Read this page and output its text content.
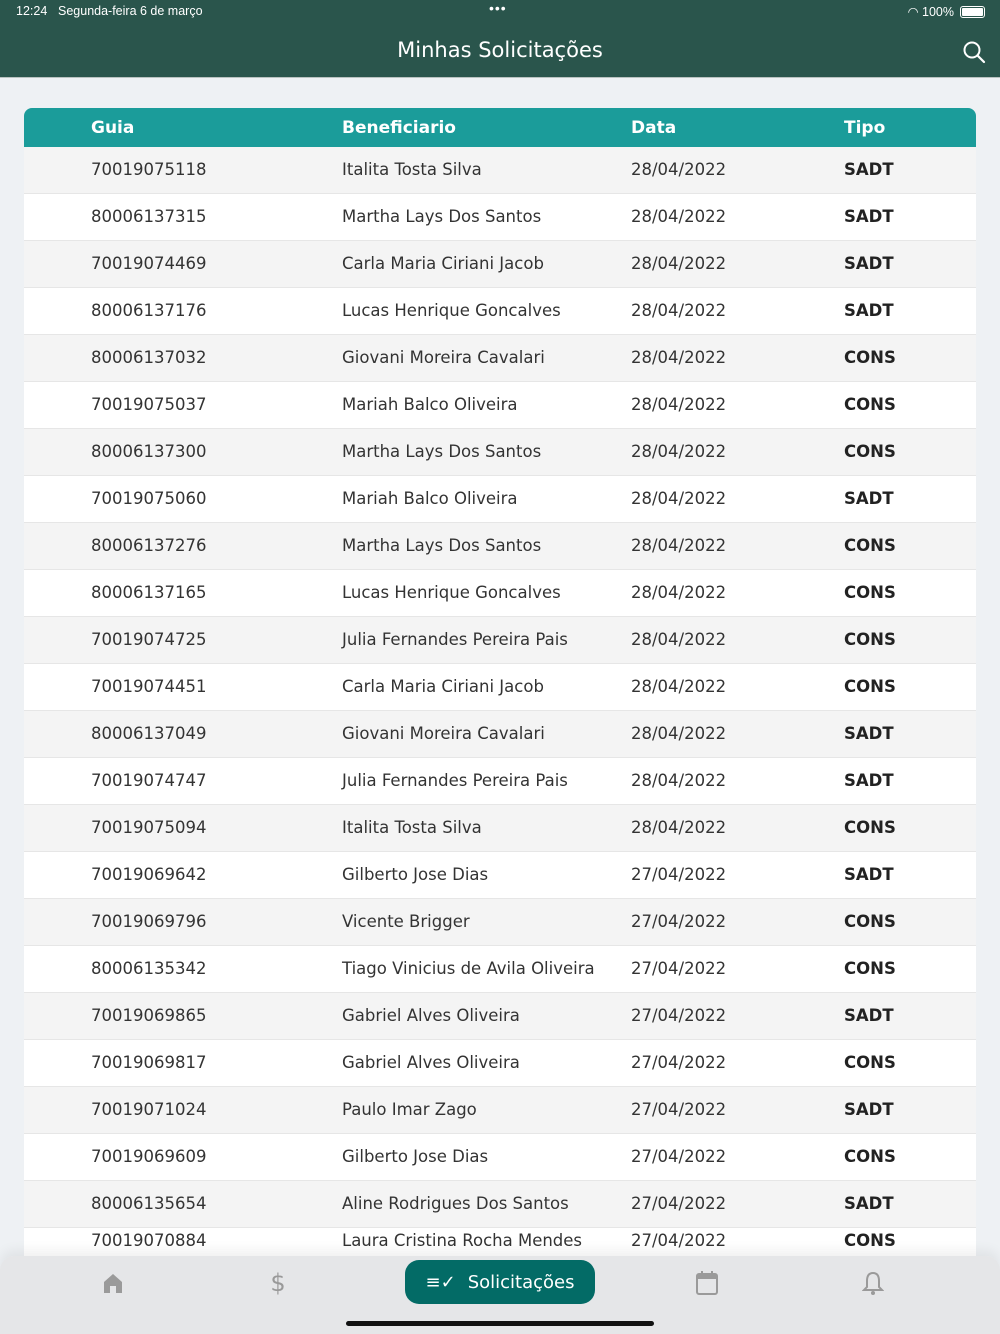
12:24 Segunda-feira 6 de março	•••	◠ 100%
Minhas Solicitações
Guia	Beneficiario	Data	Tipo
70019075118	Italita Tosta Silva	28/04/2022	SADT
80006137315	Martha Lays Dos Santos	28/04/2022	SADT
70019074469	Carla Maria Ciriani Jacob	28/04/2022	SADT
80006137176	Lucas Henrique Goncalves	28/04/2022	SADT
80006137032	Giovani Moreira Cavalari	28/04/2022	CONS
70019075037	Mariah Balco Oliveira	28/04/2022	CONS
80006137300	Martha Lays Dos Santos	28/04/2022	CONS
70019075060	Mariah Balco Oliveira	28/04/2022	SADT
80006137276	Martha Lays Dos Santos	28/04/2022	CONS
80006137165	Lucas Henrique Goncalves	28/04/2022	CONS
70019074725	Julia Fernandes Pereira Pais	28/04/2022	CONS
70019074451	Carla Maria Ciriani Jacob	28/04/2022	CONS
80006137049	Giovani Moreira Cavalari	28/04/2022	SADT
70019074747	Julia Fernandes Pereira Pais	28/04/2022	SADT
70019075094	Italita Tosta Silva	28/04/2022	CONS
70019069642	Gilberto Jose Dias	27/04/2022	SADT
70019069796	Vicente Brigger	27/04/2022	CONS
80006135342	Tiago Vinicius de Avila Oliveira 27/04/2022	CONS
70019069865	Gabriel Alves Oliveira	27/04/2022	SADT
70019069817	Gabriel Alves Oliveira	27/04/2022	CONS
70019071024	Paulo Imar Zago	27/04/2022	SADT
70019069609	Gilberto Jose Dias	27/04/2022	CONS
80006135654	Aline Rodrigues Dos Santos	27/04/2022	SADT
70019070884	Laura Cristina Rocha Mendes	27/04/2022	CONS
$	≡✓ Solicitações
